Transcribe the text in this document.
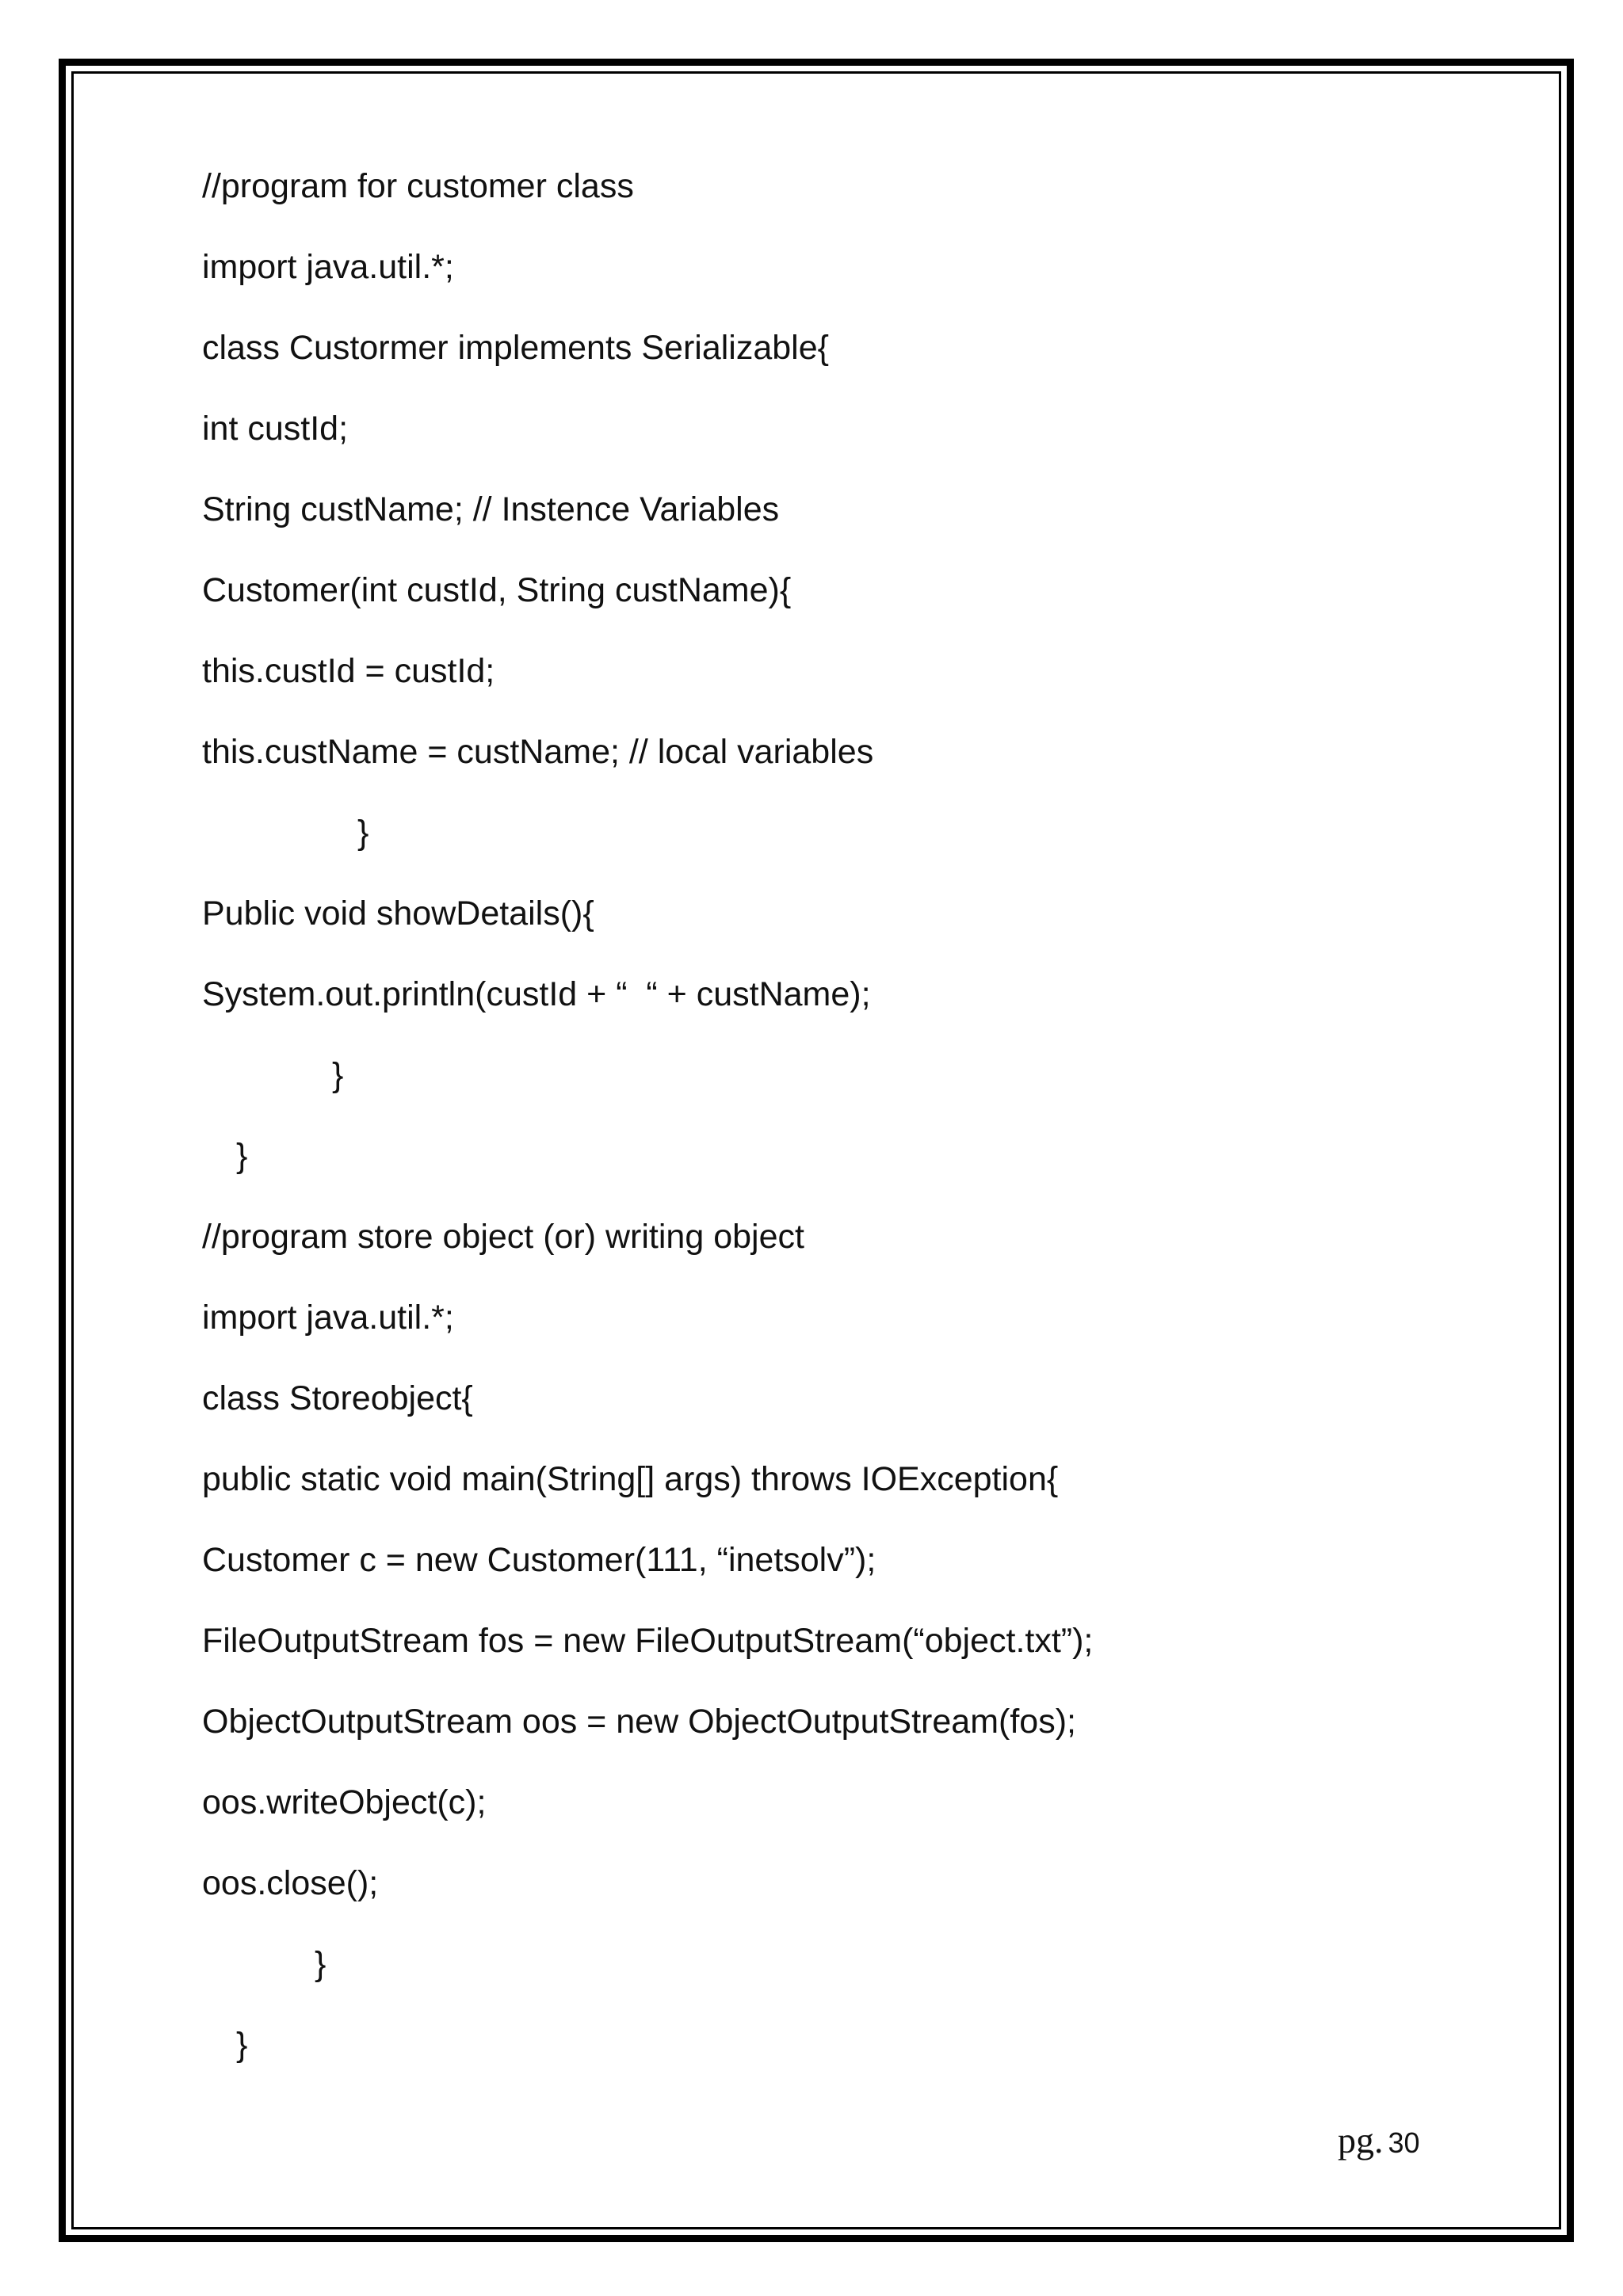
//program for customer class
import java.util.*;
class Custormer implements Serializable{
int custId;
String custName; // Instence Variables
Customer(int custId, String custName){
this.custId = custId;
this.custName = custName; // local variables
}
Public void showDetails(){
System.out.println(custId + “  “ + custName);
}
}
//program store object (or) writing object
import java.util.*;
class Storeobject{
public static void main(String[] args) throws IOException{
Customer c = new Customer(111, “inetsolv”);
FileOutputStream fos = new FileOutputStream(“object.txt”);
ObjectOutputStream oos = new ObjectOutputStream(fos);
oos.writeObject(c);
oos.close();
}
}
pg. 30
